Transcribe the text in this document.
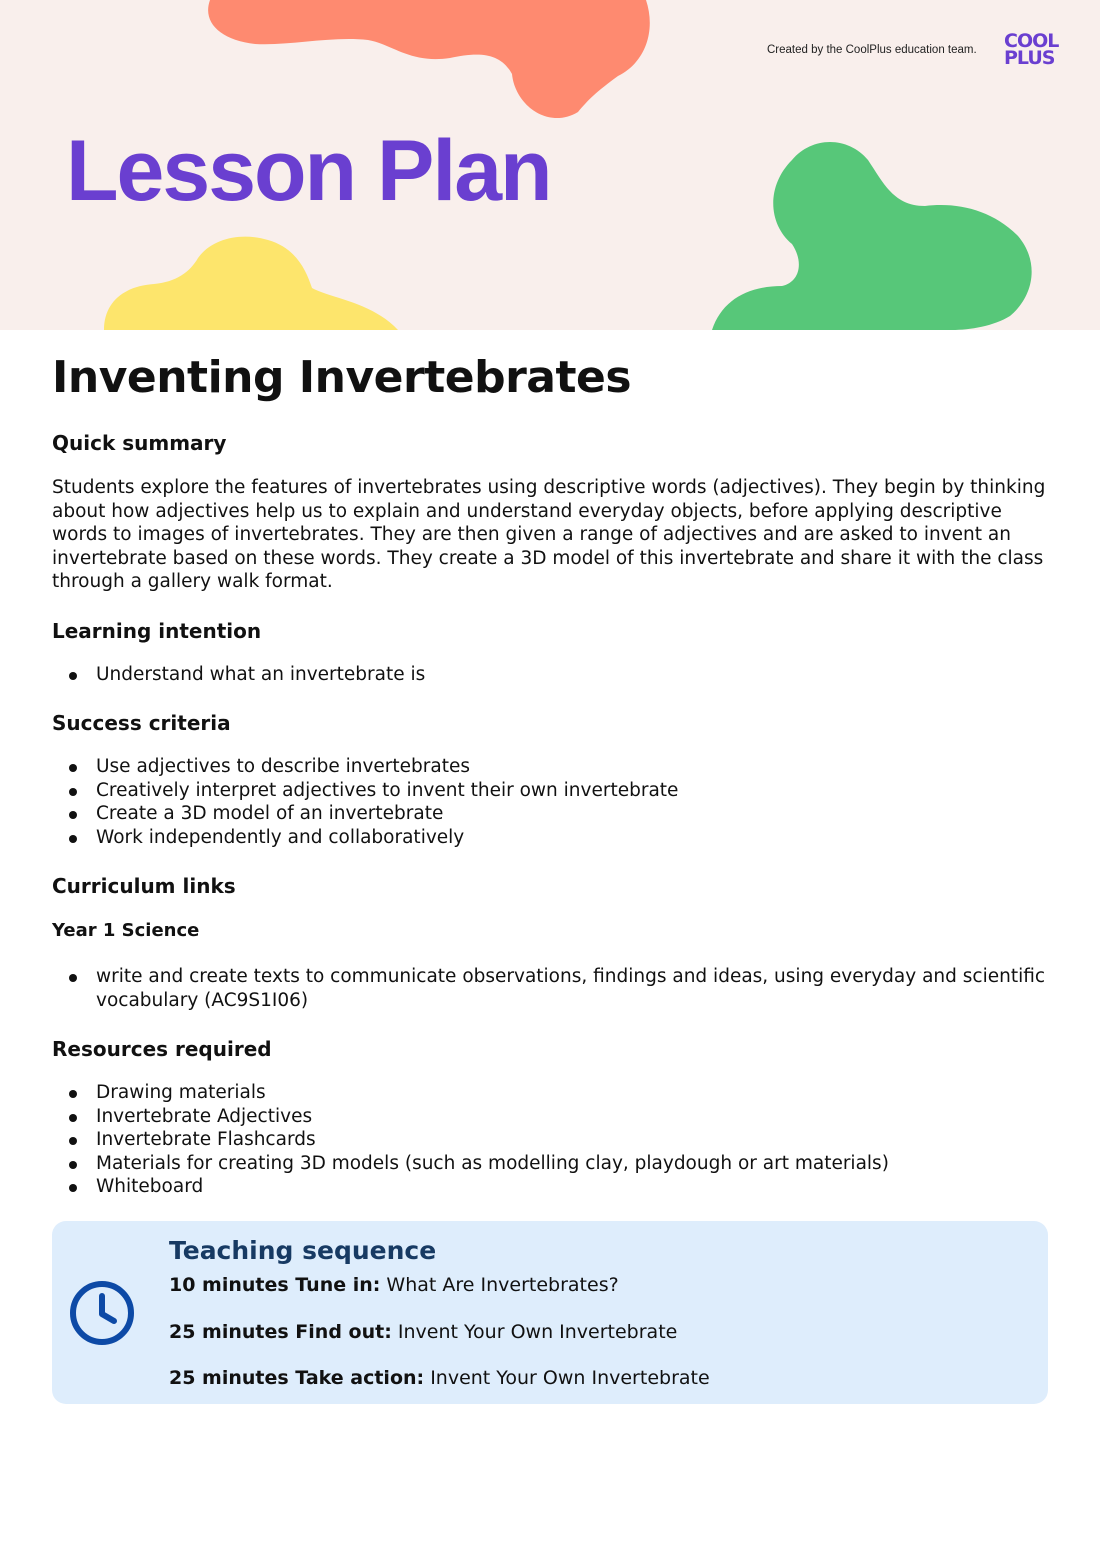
Lesson Plan
Created by the CoolPlus education team. COOL
PLUS
Inventing Invertebrates
Quick summary

Students explore the features of invertebrates using descriptive words (adjectives). They begin by thinking about how adjectives help us to explain and understand everyday objects, before applying descriptive words to images of invertebrates. They are then given a range of adjectives and are asked to invent an invertebrate based on these words. They create a 3D model of this invertebrate and share it with the class through a gallery walk format.

Learning intention
Understand what an invertebrate is
Success criteria
Use adjectives to describe invertebrates
Creatively interpret adjectives to invent their own invertebrate
Create a 3D model of an invertebrate
Work independently and collaboratively
Curriculum links
Year 1 Science
write and create texts to communicate observations, findings and ideas, using everyday and scientific vocabulary (AC9S1I06)
Resources required
Drawing materials
Invertebrate Adjectives
Invertebrate Flashcards
Materials for creating 3D models (such as modelling clay, playdough or art materials)
Whiteboard
Teaching sequence
10 minutes Tune in: What Are Invertebrates?
25 minutes Find out: Invent Your Own Invertebrate
25 minutes Take action: Invent Your Own Invertebrate
